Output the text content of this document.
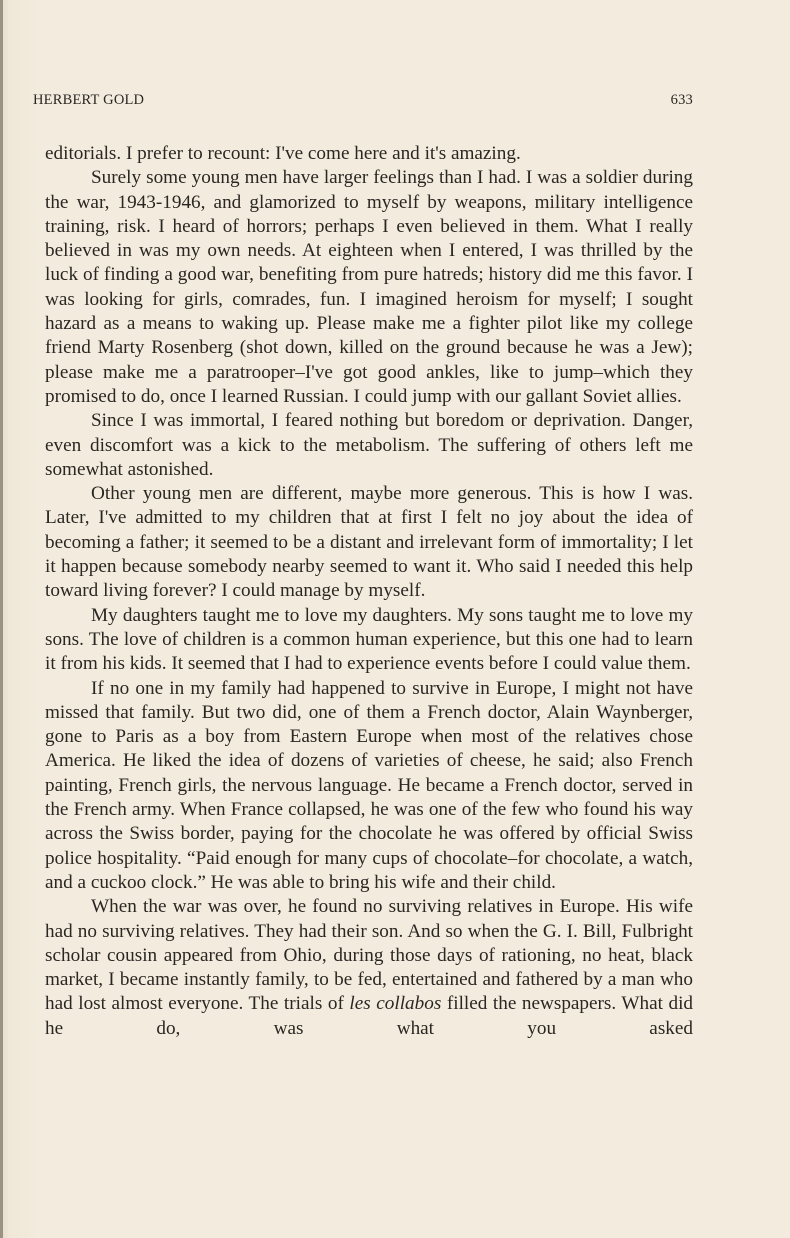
HERBERT GOLD	633

editorials. I prefer to recount: I've come here and it's amazing.

Surely some young men have larger feelings than I had. I was a soldier during the war, 1943-1946, and glamorized to myself by weapons, military intelligence training, risk. I heard of horrors; perhaps I even believed in them. What I really believed in was my own needs. At eighteen when I entered, I was thrilled by the luck of finding a good war, benefiting from pure hatreds; history did me this favor. I was looking for girls, comrades, fun. I imagined heroism for myself; I sought hazard as a means to waking up. Please make me a fighter pilot like my college friend Marty Rosenberg (shot down, killed on the ground because he was a Jew); please make me a paratrooper–I've got good ankles, like to jump–which they promised to do, once I learned Russian. I could jump with our gallant Soviet allies.

Since I was immortal, I feared nothing but boredom or deprivation. Danger, even discomfort was a kick to the metabolism. The suffering of others left me somewhat astonished.

Other young men are different, maybe more generous. This is how I was. Later, I've admitted to my children that at first I felt no joy about the idea of becoming a father; it seemed to be a distant and irrelevant form of immortality; I let it happen because somebody nearby seemed to want it. Who said I needed this help toward living forever? I could manage by myself.

My daughters taught me to love my daughters. My sons taught me to love my sons. The love of children is a common human experience, but this one had to learn it from his kids. It seemed that I had to experience events before I could value them.

If no one in my family had happened to survive in Europe, I might not have missed that family. But two did, one of them a French doctor, Alain Waynberger, gone to Paris as a boy from Eastern Europe when most of the relatives chose America. He liked the idea of dozens of varieties of cheese, he said; also French painting, French girls, the nervous language. He became a French doctor, served in the French army. When France collapsed, he was one of the few who found his way across the Swiss border, paying for the chocolate he was offered by official Swiss police hospitality. “Paid enough for many cups of chocolate–for chocolate, a watch, and a cuckoo clock.” He was able to bring his wife and their child.

When the war was over, he found no surviving relatives in Europe. His wife had no surviving relatives. They had their son. And so when the G. I. Bill, Fulbright scholar cousin appeared from Ohio, during those days of rationing, no heat, black market, I became instantly family, to be fed, entertained and fathered by a man who had lost almost everyone. The trials of les collabos filled the newspapers. What did he do, was what you asked
